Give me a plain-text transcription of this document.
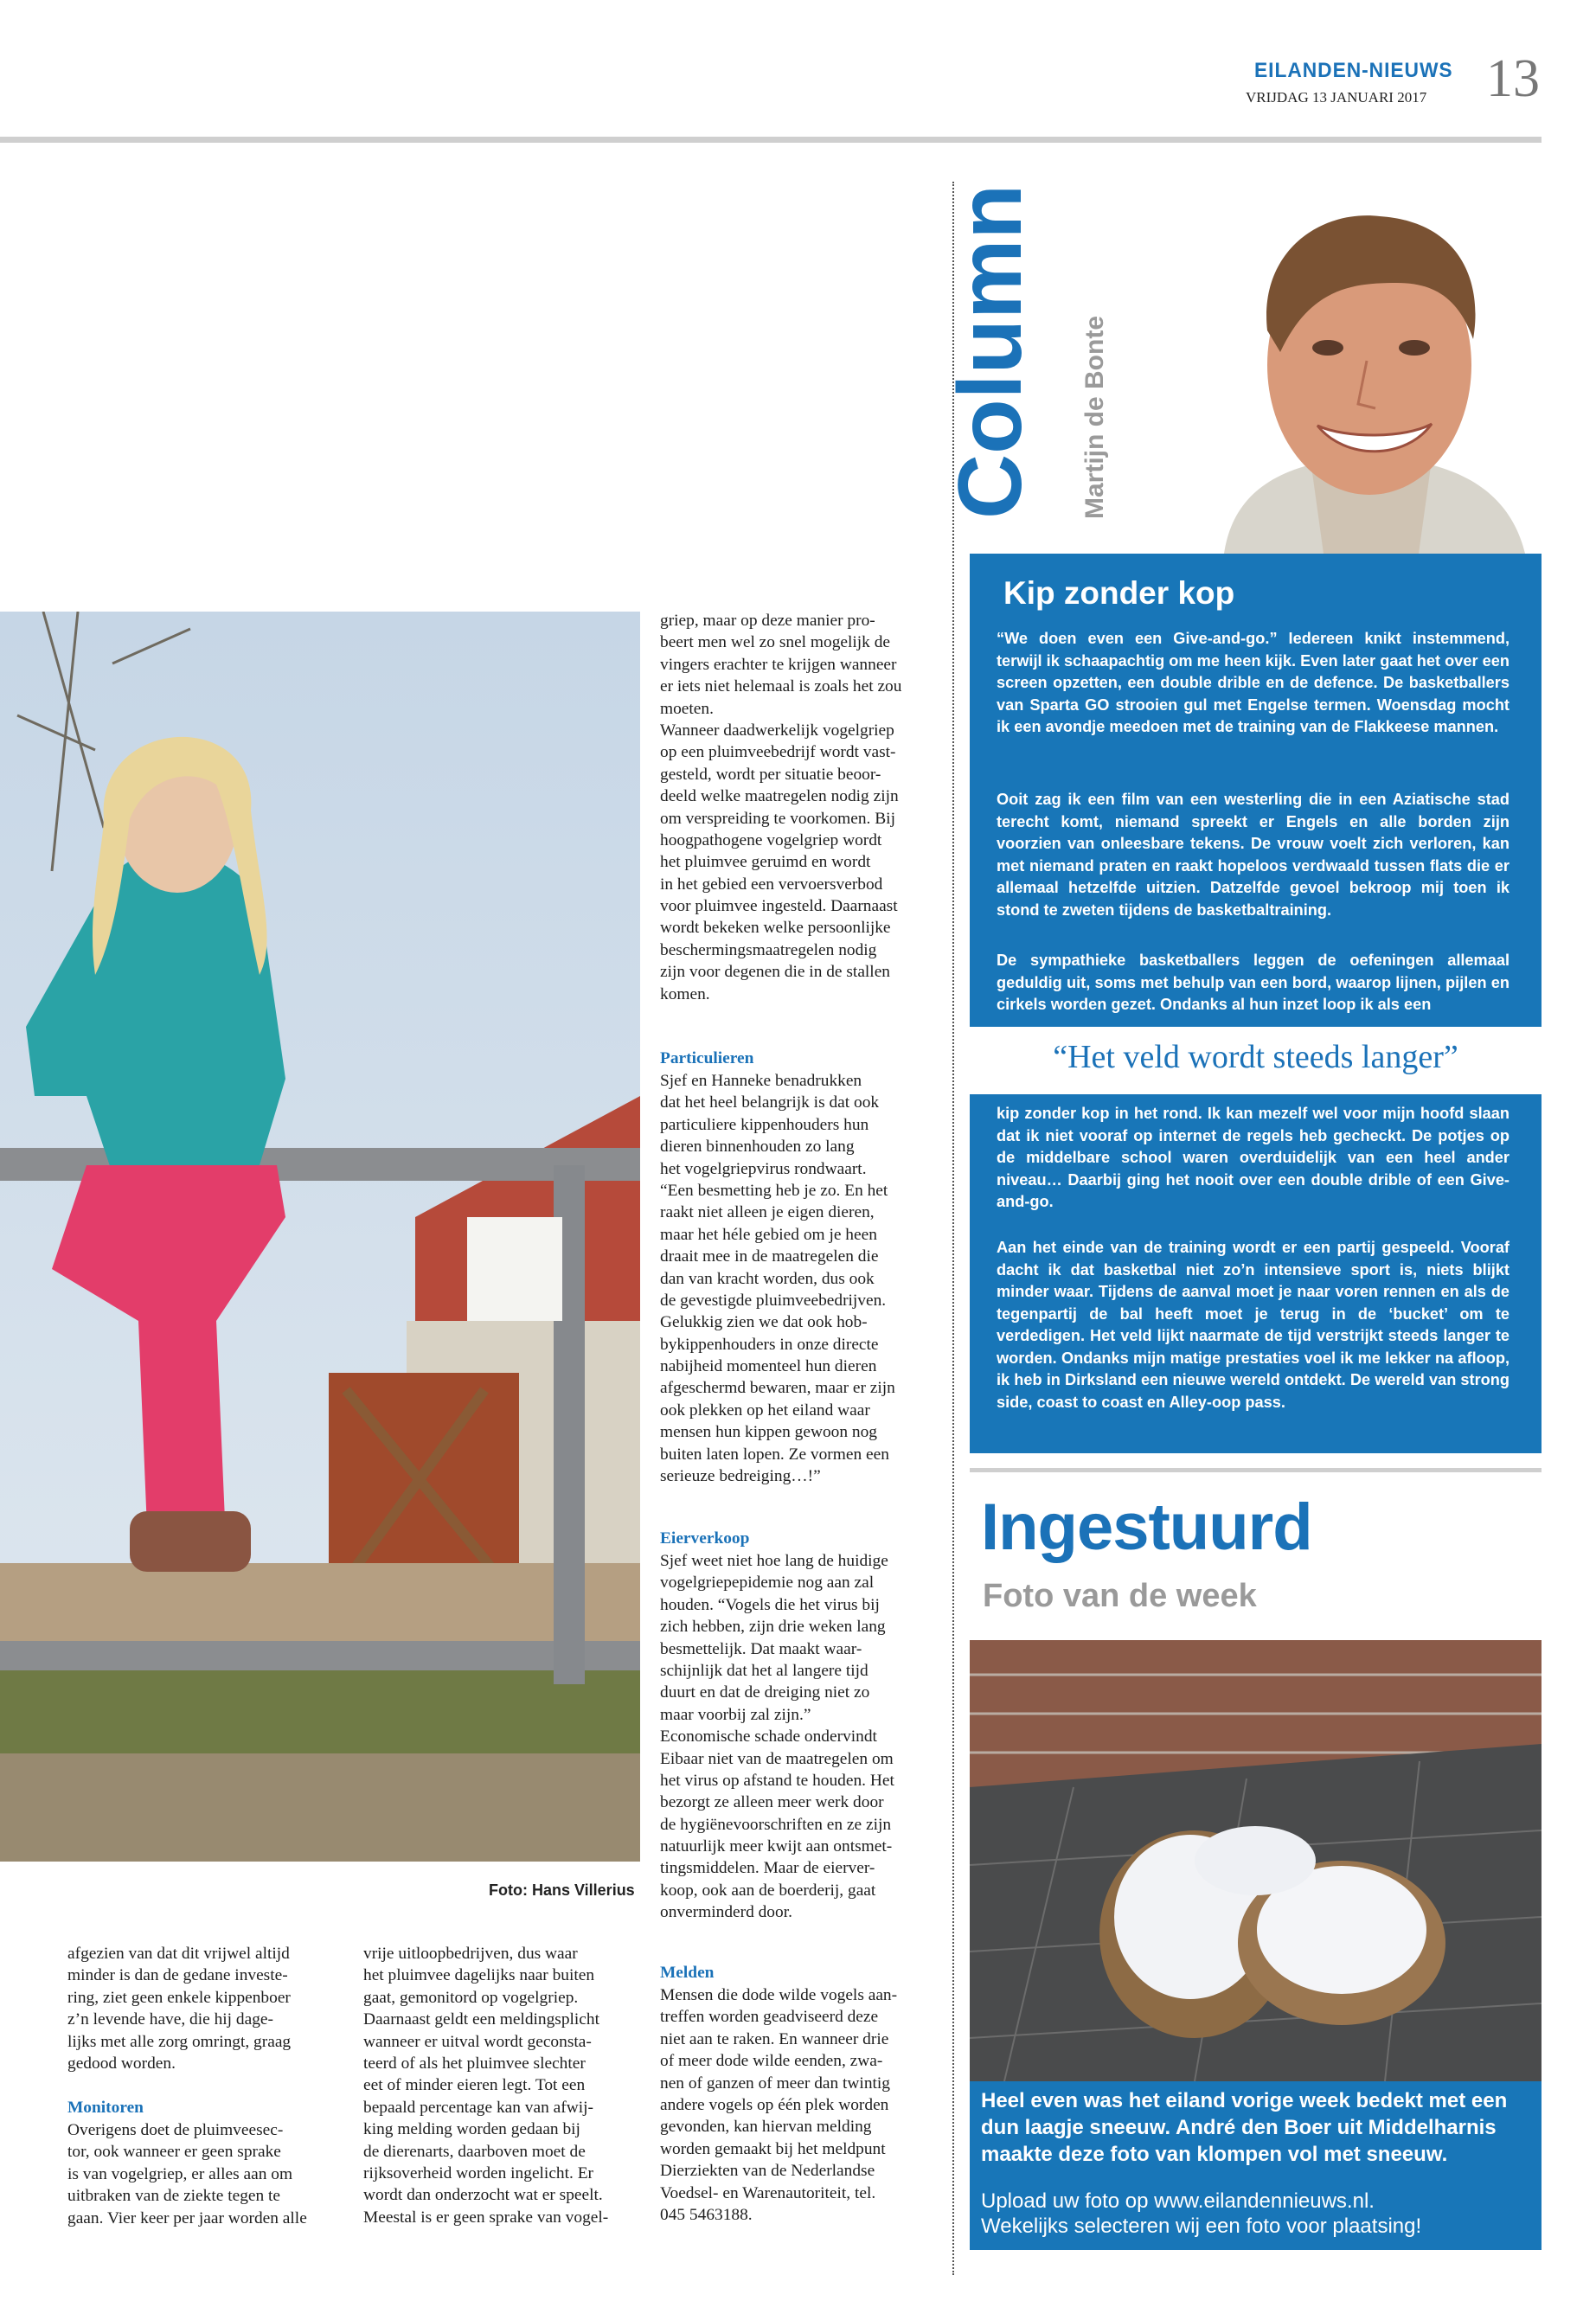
EILANDEN-NIEUWS
VRIJDAG 13 JANUARI 2017 13
Column Martijn de Bonte
Kip zonder kop
“We doen even een Give-and-go.” Iedereen knikt instemmend, terwijl ik schaapachtig om me heen kijk. Even later gaat het over een screen opzetten, een double drible en de defence. De basketballers van Sparta GO strooien gul met Engelse termen. Woensdag mocht ik een avondje meedoen met de training van de Flakkeese mannen.
Ooit zag ik een film van een westerling die in een Aziatische stad terecht komt, niemand spreekt er Engels en alle borden zijn voorzien van onleesbare tekens. De vrouw voelt zich verloren, kan met niemand praten en raakt hopeloos verdwaald tussen flats die er allemaal hetzelfde uitzien. Datzelfde gevoel bekroop mij toen ik stond te zweten tijdens de basketbaltraining.
De sympathieke basketballers leggen de oefeningen allemaal geduldig uit, soms met behulp van een bord, waarop lijnen, pijlen en cirkels worden gezet. Ondanks al hun inzet loop ik als een
“Het veld wordt steeds langer”
kip zonder kop in het rond. Ik kan mezelf wel voor mijn hoofd slaan dat ik niet vooraf op internet de regels heb gecheckt. De potjes op de middelbare school waren overduidelijk van een heel ander niveau… Daarbij ging het nooit over een double drible of een Give-and-go.
Aan het einde van de training wordt er een partij gespeeld. Vooraf dacht ik dat basketbal niet zo’n intensieve sport is, niets blijkt minder waar. Tijdens de aanval moet je naar voren rennen en als de tegenpartij de bal heeft moet je terug in de ‘bucket’ om te verdedigen. Het veld lijkt naarmate de tijd verstrijkt steeds langer te worden. Ondanks mijn matige prestaties voel ik me lekker na afloop, ik heb in Dirksland een nieuwe wereld ontdekt. De wereld van strong side, coast to coast en Alley-oop pass.
Ingestuurd
Foto van de week
Heel even was het eiland vorige week bedekt met een dun laagje sneeuw. André den Boer uit Middelharnis maakte deze foto van klompen vol met sneeuw.
Upload uw foto op www.eilandennieuws.nl.
Wekelijks selecteren wij een foto voor plaatsing!
Foto: Hans Villerius
griep, maar op deze manier pro-
beert men wel zo snel mogelijk de
vingers erachter te krijgen wanneer
er iets niet helemaal is zoals het zou
moeten.
Wanneer daadwerkelijk vogelgriep
op een pluimveebedrijf wordt vast-
gesteld, wordt per situatie beoor-
deeld welke maatregelen nodig zijn
om verspreiding te voorkomen. Bij
hoogpathogene vogelgriep wordt
het pluimvee geruimd en wordt
in het gebied een vervoersverbod
voor pluimvee ingesteld. Daarnaast
wordt bekeken welke persoonlijke
beschermingsmaatregelen nodig
zijn voor degenen die in de stallen
komen.
Particulieren
Sjef en Hanneke benadrukken
dat het heel belangrijk is dat ook
particuliere kippenhouders hun
dieren binnenhouden zo lang
het vogelgriepvirus rondwaart.
“Een besmetting heb je zo. En het
raakt niet alleen je eigen dieren,
maar het héle gebied om je heen
draait mee in de maatregelen die
dan van kracht worden, dus ook
de gevestigde pluimveebedrijven.
Gelukkig zien we dat ook hob-
bykippenhouders in onze directe
nabijheid momenteel hun dieren
afgeschermd bewaren, maar er zijn
ook plekken op het eiland waar
mensen hun kippen gewoon nog
buiten laten lopen. Ze vormen een
serieuze bedreiging…!”
Eierverkoop
Sjef weet niet hoe lang de huidige
vogelgriepepidemie nog aan zal
houden. “Vogels die het virus bij
zich hebben, zijn drie weken lang
besmettelijk. Dat maakt waar-
schijnlijk dat het al langere tijd
duurt en dat de dreiging niet zo
maar voorbij zal zijn.”
Economische schade ondervindt
Eibaar niet van de maatregelen om
het virus op afstand te houden. Het
bezorgt ze alleen meer werk door
de hygiënevoorschriften en ze zijn
natuurlijk meer kwijt aan ontsmet-
tingsmiddelen. Maar de eierver-
koop, ook aan de boerderij, gaat
onverminderd door.
Melden
Mensen die dode wilde vogels aan-
treffen worden geadviseerd deze
niet aan te raken. En wanneer drie
of meer dode wilde eenden, zwa-
nen of ganzen of meer dan twintig
andere vogels op één plek worden
gevonden, kan hiervan melding
worden gemaakt bij het meldpunt
Dierziekten van de Nederlandse
Voedsel- en Warenautoriteit, tel.
045 5463188.
afgezien van dat dit vrijwel altijd
minder is dan de gedane investe-
ring, ziet geen enkele kippenboer
z’n levende have, die hij dage-
lijks met alle zorg omringt, graag
gedood worden.
Monitoren
Overigens doet de pluimveesec-
tor, ook wanneer er geen sprake
is van vogelgriep, er alles aan om
uitbraken van de ziekte tegen te
gaan. Vier keer per jaar worden alle
vrije uitloopbedrijven, dus waar
het pluimvee dagelijks naar buiten
gaat, gemonitord op vogelgriep.
Daarnaast geldt een meldingsplicht
wanneer er uitval wordt geconsta-
teerd of als het pluimvee slechter
eet of minder eieren legt. Tot een
bepaald percentage kan van afwij-
king melding worden gedaan bij
de dierenarts, daarboven moet de
rijksoverheid worden ingelicht. Er
wordt dan onderzocht wat er speelt.
Meestal is er geen sprake van vogel-
